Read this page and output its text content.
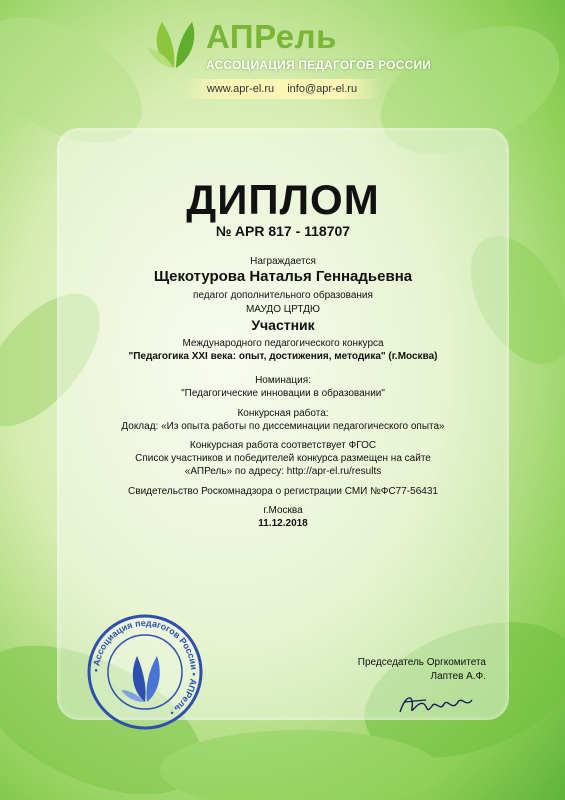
АПРель
АССОЦИАЦИЯ ПЕДАГОГОВ РОССИИ
www.apr-el.ru info@apr-el.ru
ДИПЛОМ
№ APR 817 - 118707
Награждается
Щекотурова Наталья Геннадьевна
педагог дополнительного образования
МАУДО ЦРТДЮ
Участник
Международного педагогического конкурса
"Педагогика XXI века: опыт, достижения, методика" (г.Москва)
Номинация:
"Педагогические инновации в образовании"
Конкурсная работа:
Доклад: «Из опыта работы по диссеминации педагогического опыта»
Конкурсная работа соответствует ФГОС
Список участников и победителей конкурса размещен на сайте
«АПРель» по адресу: http://apr-el.ru/results
Свидетельство Роскомнадзора о регистрации СМИ №ФС77-56431
г.Москва
11.12.2018
• Ассоциация педагогов России • АПРель •
Председатель Оргкомитета
Лаптев А.Ф.
